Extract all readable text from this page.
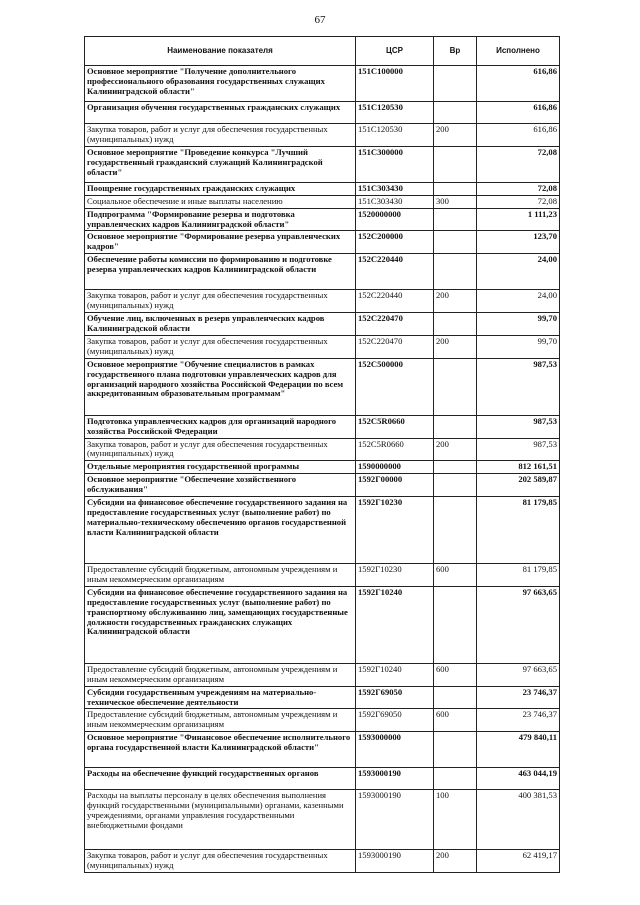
67
Наименование показателя	ЦСР	Вр	Исполнено
Основное мероприятие "Получение дополнительного профессионального образования государственных служащих Калининградской области"	151С100000		616,86
Организация обучения государственных гражданских служащих	151С120530		616,86
Закупка товаров, работ и услуг для обеспечения государственных (муниципальных) нужд	151С120530	200	616,86
Основное мероприятие "Проведение конкурса "Лучший государственный гражданский служащий Калининградской области"	151С300000		72,08
Поощрение государственных гражданских служащих	151С303430		72,08
Социальное обеспечение и иные выплаты населению	151С303430	300	72,08
Подпрограмма "Формирование резерва и подготовка управленческих кадров Калининградской области"	1520000000		1 111,23
Основное мероприятие "Формирование резерва управленческих кадров"	152С200000		123,70
Обеспечение работы комиссии по формированию и подготовке резерва управленческих кадров Калининградской области	152С220440		24,00
Закупка товаров, работ и услуг для обеспечения государственных (муниципальных) нужд	152С220440	200	24,00
Обучение лиц, включенных в резерв управленческих кадров Калининградской области	152С220470		99,70
Закупка товаров, работ и услуг для обеспечения государственных (муниципальных) нужд	152С220470	200	99,70
Основное мероприятие "Обучение специалистов в рамках государственного плана подготовки управленческих кадров для организаций народного хозяйства Российской Федерации по всем аккредитованным образовательным программам"	152С500000		987,53
Подготовка управленческих кадров для организаций народного хозяйства Российской Федерации	152С5R0660		987,53
Закупка товаров, работ и услуг для обеспечения государственных (муниципальных) нужд	152С5R0660	200	987,53
Отдельные мероприятия государственной программы	1590000000		812 161,51
Основное мероприятие "Обеспечение хозяйственного обслуживания"	1592Г00000		202 589,87
Субсидии на финансовое обеспечение государственного задания на предоставление государственных услуг (выполнение работ) по материально-техническому обеспечению органов государственной власти Калининградской области	1592Г10230		81 179,85
Предоставление субсидий бюджетным, автономным учреждениям и иным некоммерческим организациям	1592Г10230	600	81 179,85
Субсидии на финансовое обеспечение государственного задания на предоставление государственных услуг (выполнение работ) по транспортному обслуживанию лиц, замещающих государственные должности государственных гражданских служащих Калининградской области	1592Г10240		97 663,65
Предоставление субсидий бюджетным, автономным учреждениям и иным некоммерческим организациям	1592Г10240	600	97 663,65
Субсидии государственным учреждениям на материально-техническое обеспечение деятельности	1592Г69050		23 746,37
Предоставление субсидий бюджетным, автономным учреждениям и иным некоммерческим организациям	1592Г69050	600	23 746,37
Основное мероприятие "Финансовое обеспечение исполнительного органа государственной власти Калининградской области"	1593000000		479 840,11
Расходы на обеспечение функций государственных органов	1593000190		463 044,19
Расходы на выплаты персоналу в целях обеспечения выполнения функций государственными (муниципальными) органами, казенными учреждениями, органами управления государственными внебюджетными фондами	1593000190	100	400 381,53
Закупка товаров, работ и услуг для обеспечения государственных (муниципальных) нужд	1593000190	200	62 419,17
